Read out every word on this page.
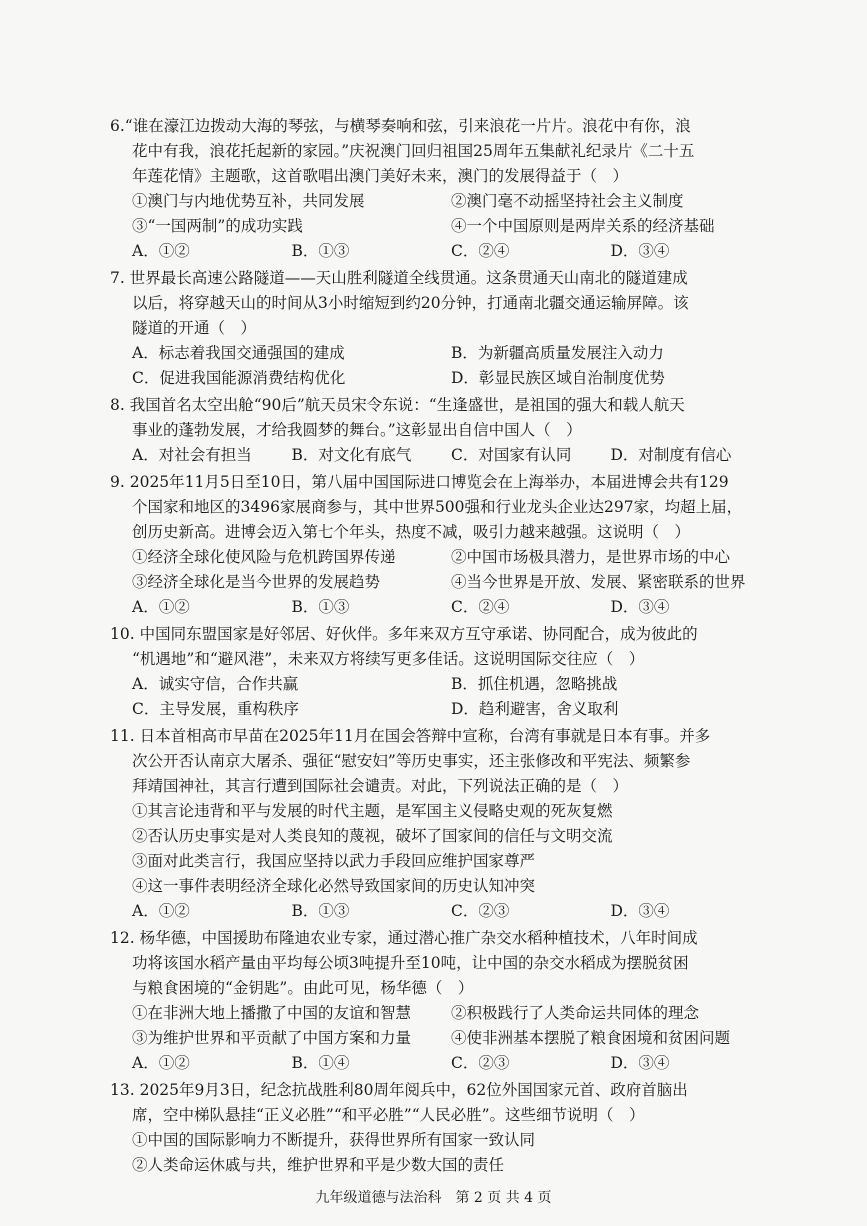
6.“谁在濠江边拨动大海的琴弦，与横琴奏响和弦，引来浪花一片片。浪花中有你，浪
花中有我，浪花托起新的家园。”庆祝澳门回归祖国25周年五集献礼纪录片《二十五
年莲花情》主题歌，这首歌唱出澳门美好未来，澳门的发展得益于（　）
①澳门与内地优势互补，共同发展	②澳门毫不动摇坚持社会主义制度
③“一国两制”的成功实践	④一个中国原则是两岸关系的经济基础
A．①②	B．①③	C．②④	D．③④
7. 世界最长高速公路隧道——天山胜利隧道全线贯通。这条贯通天山南北的隧道建成
以后，将穿越天山的时间从3小时缩短到约20分钟，打通南北疆交通运输屏障。该
隧道的开通（　）
A．标志着我国交通强国的建成	B．为新疆高质量发展注入动力
C．促进我国能源消费结构优化	D．彰显民族区域自治制度优势
8. 我国首名太空出舱“90后”航天员宋令东说：“生逢盛世，是祖国的强大和载人航天
事业的蓬勃发展，才给我圆梦的舞台。”这彰显出自信中国人（　）
A．对社会有担当	B．对文化有底气	C．对国家有认同	D．对制度有信心
9. 2025年11月5日至10日，第八届中国国际进口博览会在上海举办，本届进博会共有129
个国家和地区的3496家展商参与，其中世界500强和行业龙头企业达297家，均超上届，
创历史新高。进博会迈入第七个年头，热度不减，吸引力越来越强。这说明（　）
①经济全球化使风险与危机跨国界传递	②中国市场极具潜力，是世界市场的中心
③经济全球化是当今世界的发展趋势	④当今世界是开放、发展、紧密联系的世界
A．①②	B．①③	C．②④	D．③④
10. 中国同东盟国家是好邻居、好伙伴。多年来双方互守承诺、协同配合，成为彼此的
“机遇地”和“避风港”，未来双方将续写更多佳话。这说明国际交往应（　）
A．诚实守信，合作共赢	B．抓住机遇，忽略挑战
C．主导发展，重构秩序	D．趋利避害，舍义取利
11. 日本首相高市早苗在2025年11月在国会答辩中宣称，台湾有事就是日本有事。并多
次公开否认南京大屠杀、强征“慰安妇”等历史事实，还主张修改和平宪法、频繁参
拜靖国神社，其言行遭到国际社会谴责。对此，下列说法正确的是（　）
①其言论违背和平与发展的时代主题，是军国主义侵略史观的死灰复燃
②否认历史事实是对人类良知的蔑视，破坏了国家间的信任与文明交流
③面对此类言行，我国应坚持以武力手段回应维护国家尊严
④这一事件表明经济全球化必然导致国家间的历史认知冲突
A．①②	B．①③	C．②③	D．③④
12. 杨华德，中国援助布隆迪农业专家，通过潜心推广杂交水稻种植技术，八年时间成
功将该国水稻产量由平均每公顷3吨提升至10吨，让中国的杂交水稻成为摆脱贫困
与粮食困境的“金钥匙”。由此可见，杨华德（　）
①在非洲大地上播撒了中国的友谊和智慧	②积极践行了人类命运共同体的理念
③为维护世界和平贡献了中国方案和力量	④使非洲基本摆脱了粮食困境和贫困问题
A．①②	B．①④	C．②③	D．③④
13. 2025年9月3日，纪念抗战胜利80周年阅兵中，62位外国国家元首、政府首脑出
席，空中梯队悬挂“正义必胜”“和平必胜”“人民必胜”。这些细节说明（　）
①中国的国际影响力不断提升，获得世界所有国家一致认同
②人类命运休戚与共，维护世界和平是少数大国的责任
九年级道德与法治科　第 2 页 共 4 页
